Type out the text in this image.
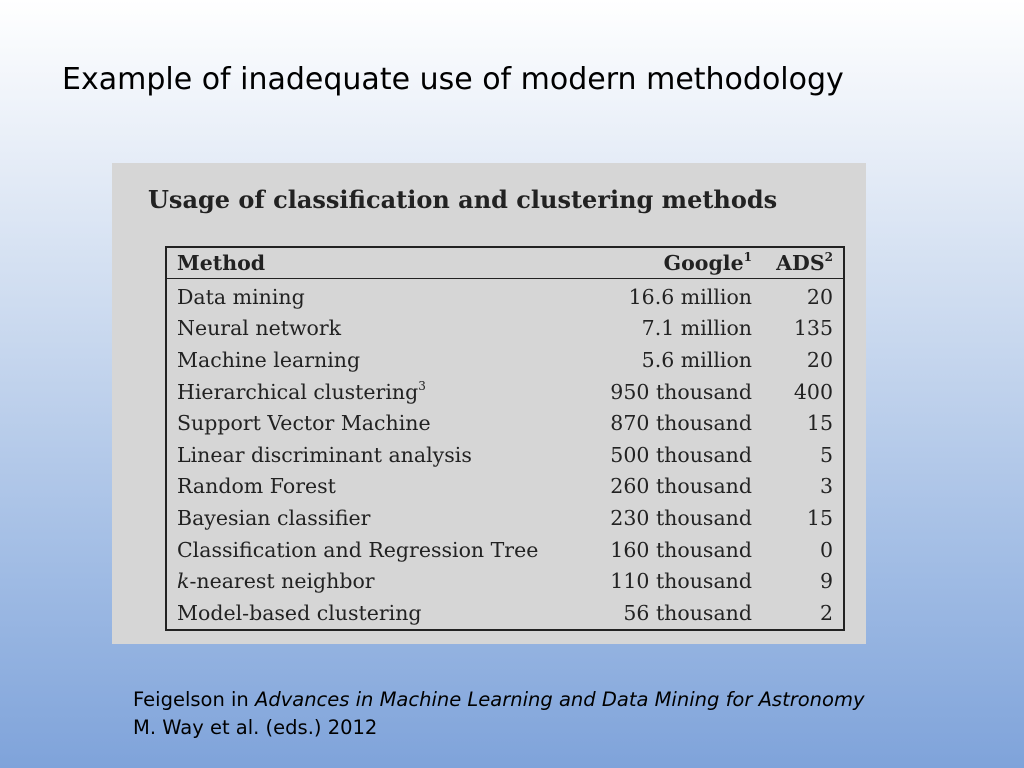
Example of inadequate use of modern methodology
Usage of classification and clustering methods
Method	Google$^1$	ADS$^2$
Data mining	16.6 million	20
Neural network	7.1 million	135
Machine learning	5.6 million	20
Hierarchical clustering$^3$	950 thousand	400
Support Vector Machine	870 thousand	15
Linear discriminant analysis	500 thousand	5
Random Forest	260 thousand	3
Bayesian classifier	230 thousand	15
Classification and Regression Tree	160 thousand	0
k-nearest neighbor	110 thousand	9
Model-based clustering	56 thousand	2
Feigelson in Advances in Machine Learning and Data Mining for Astronomy
M. Way et al. (eds.) 2012
